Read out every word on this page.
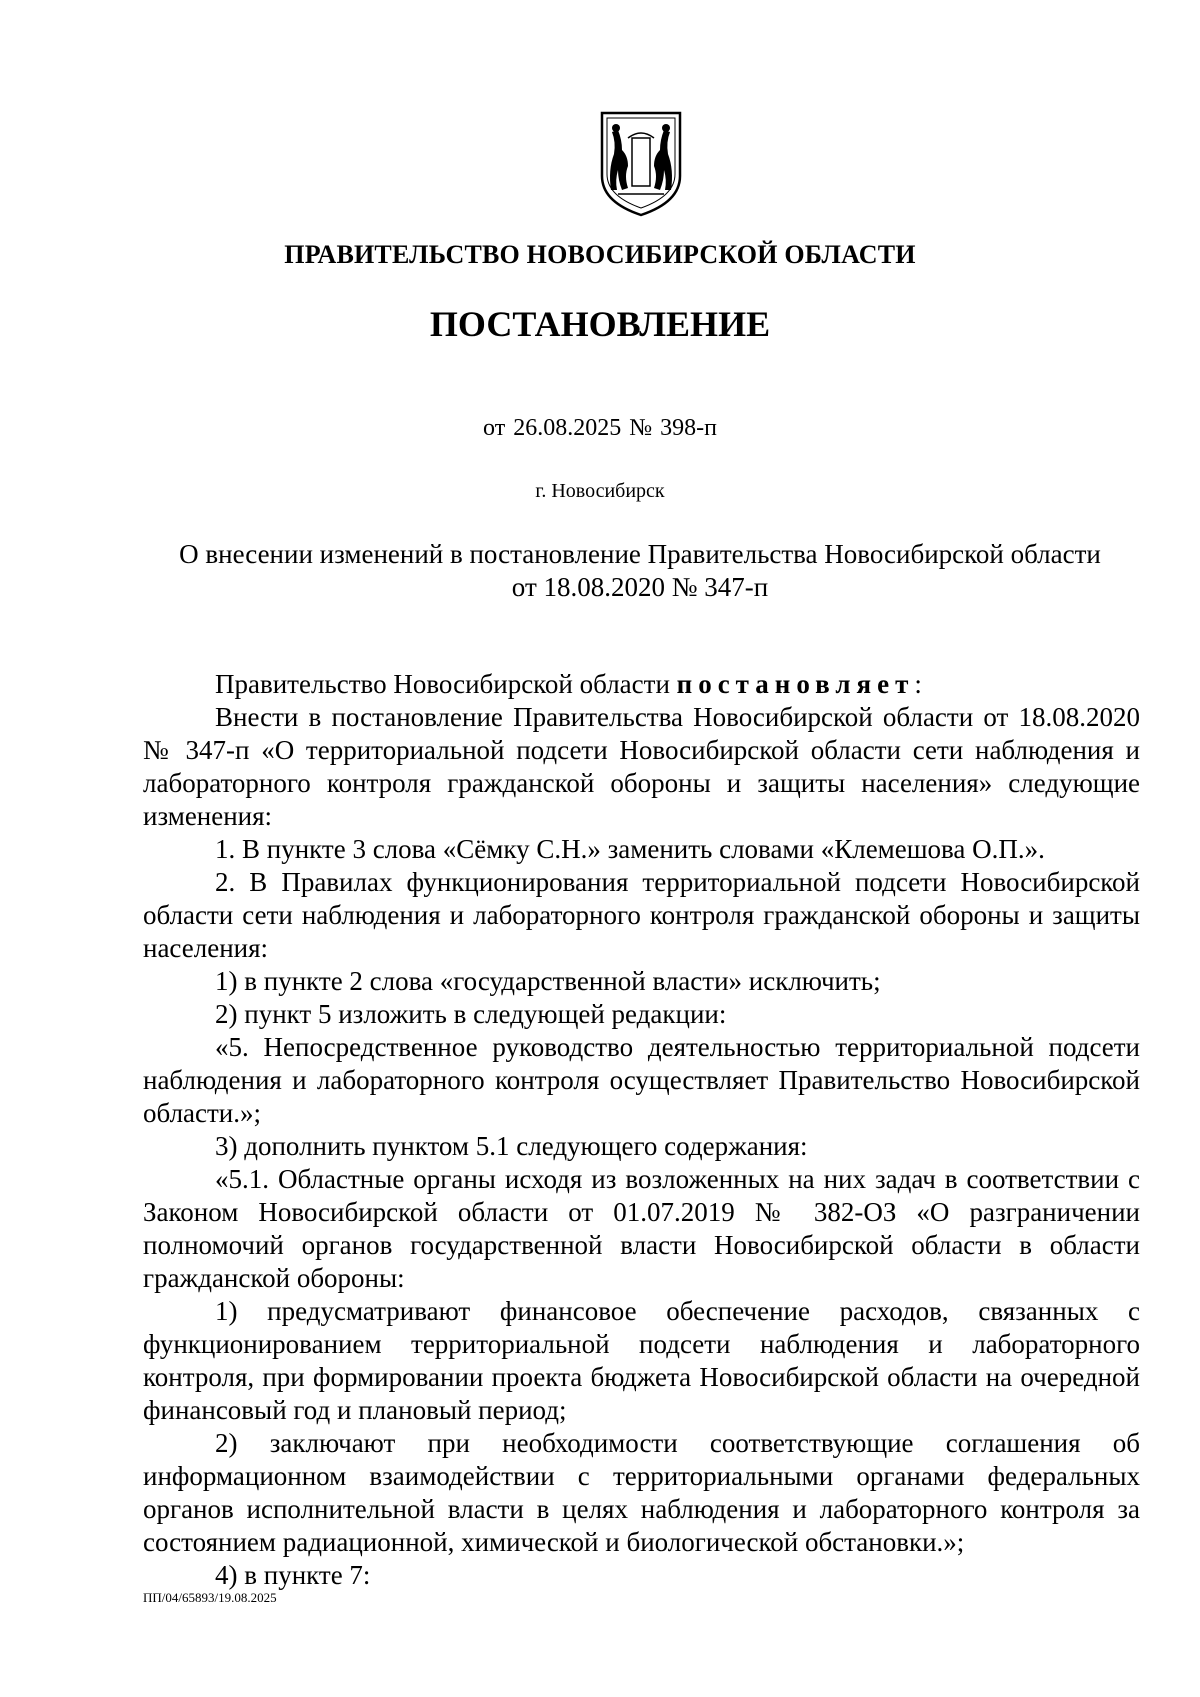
ПРАВИТЕЛЬСТВО НОВОСИБИРСКОЙ ОБЛАСТИ
ПОСТАНОВЛЕНИЕ
от 26.08.2025 № 398-п
г. Новосибирск
О внесении изменений в постановление Правительства Новосибирской области
от 18.08.2020 № 347-п

Правительство Новосибирской области постановляет:

Внести в постановление Правительства Новосибирской области от 18.08.2020 № 347-п «О территориальной подсети Новосибирской области сети наблюдения и лабораторного контроля гражданской обороны и защиты населения» следующие изменения:

1. В пункте 3 слова «Сёмку С.Н.» заменить словами «Клемешова О.П.».

2. В Правилах функционирования территориальной подсети Новосибирской области сети наблюдения и лабораторного контроля гражданской обороны и защиты населения:

1) в пункте 2 слова «государственной власти» исключить;

2) пункт 5 изложить в следующей редакции:

«5. Непосредственное руководство деятельностью территориальной подсети наблюдения и лабораторного контроля осуществляет Правительство Новосибирской области.»;

3) дополнить пунктом 5.1 следующего содержания:

«5.1. Областные органы исходя из возложенных на них задач в соответствии с Законом Новосибирской области от 01.07.2019 № 382-ОЗ «О разграничении полномочий органов государственной власти Новосибирской области в области гражданской обороны:

1) предусматривают финансовое обеспечение расходов, связанных с функционированием территориальной подсети наблюдения и лабораторного контроля, при формировании проекта бюджета Новосибирской области на очередной финансовый год и плановый период;

2) заключают при необходимости соответствующие соглашения об информационном взаимодействии с территориальными органами федеральных органов исполнительной власти в целях наблюдения и лабораторного контроля за состоянием радиационной, химической и биологической обстановки.»;

4) в пункте 7:

ПП/04/65893/19.08.2025
